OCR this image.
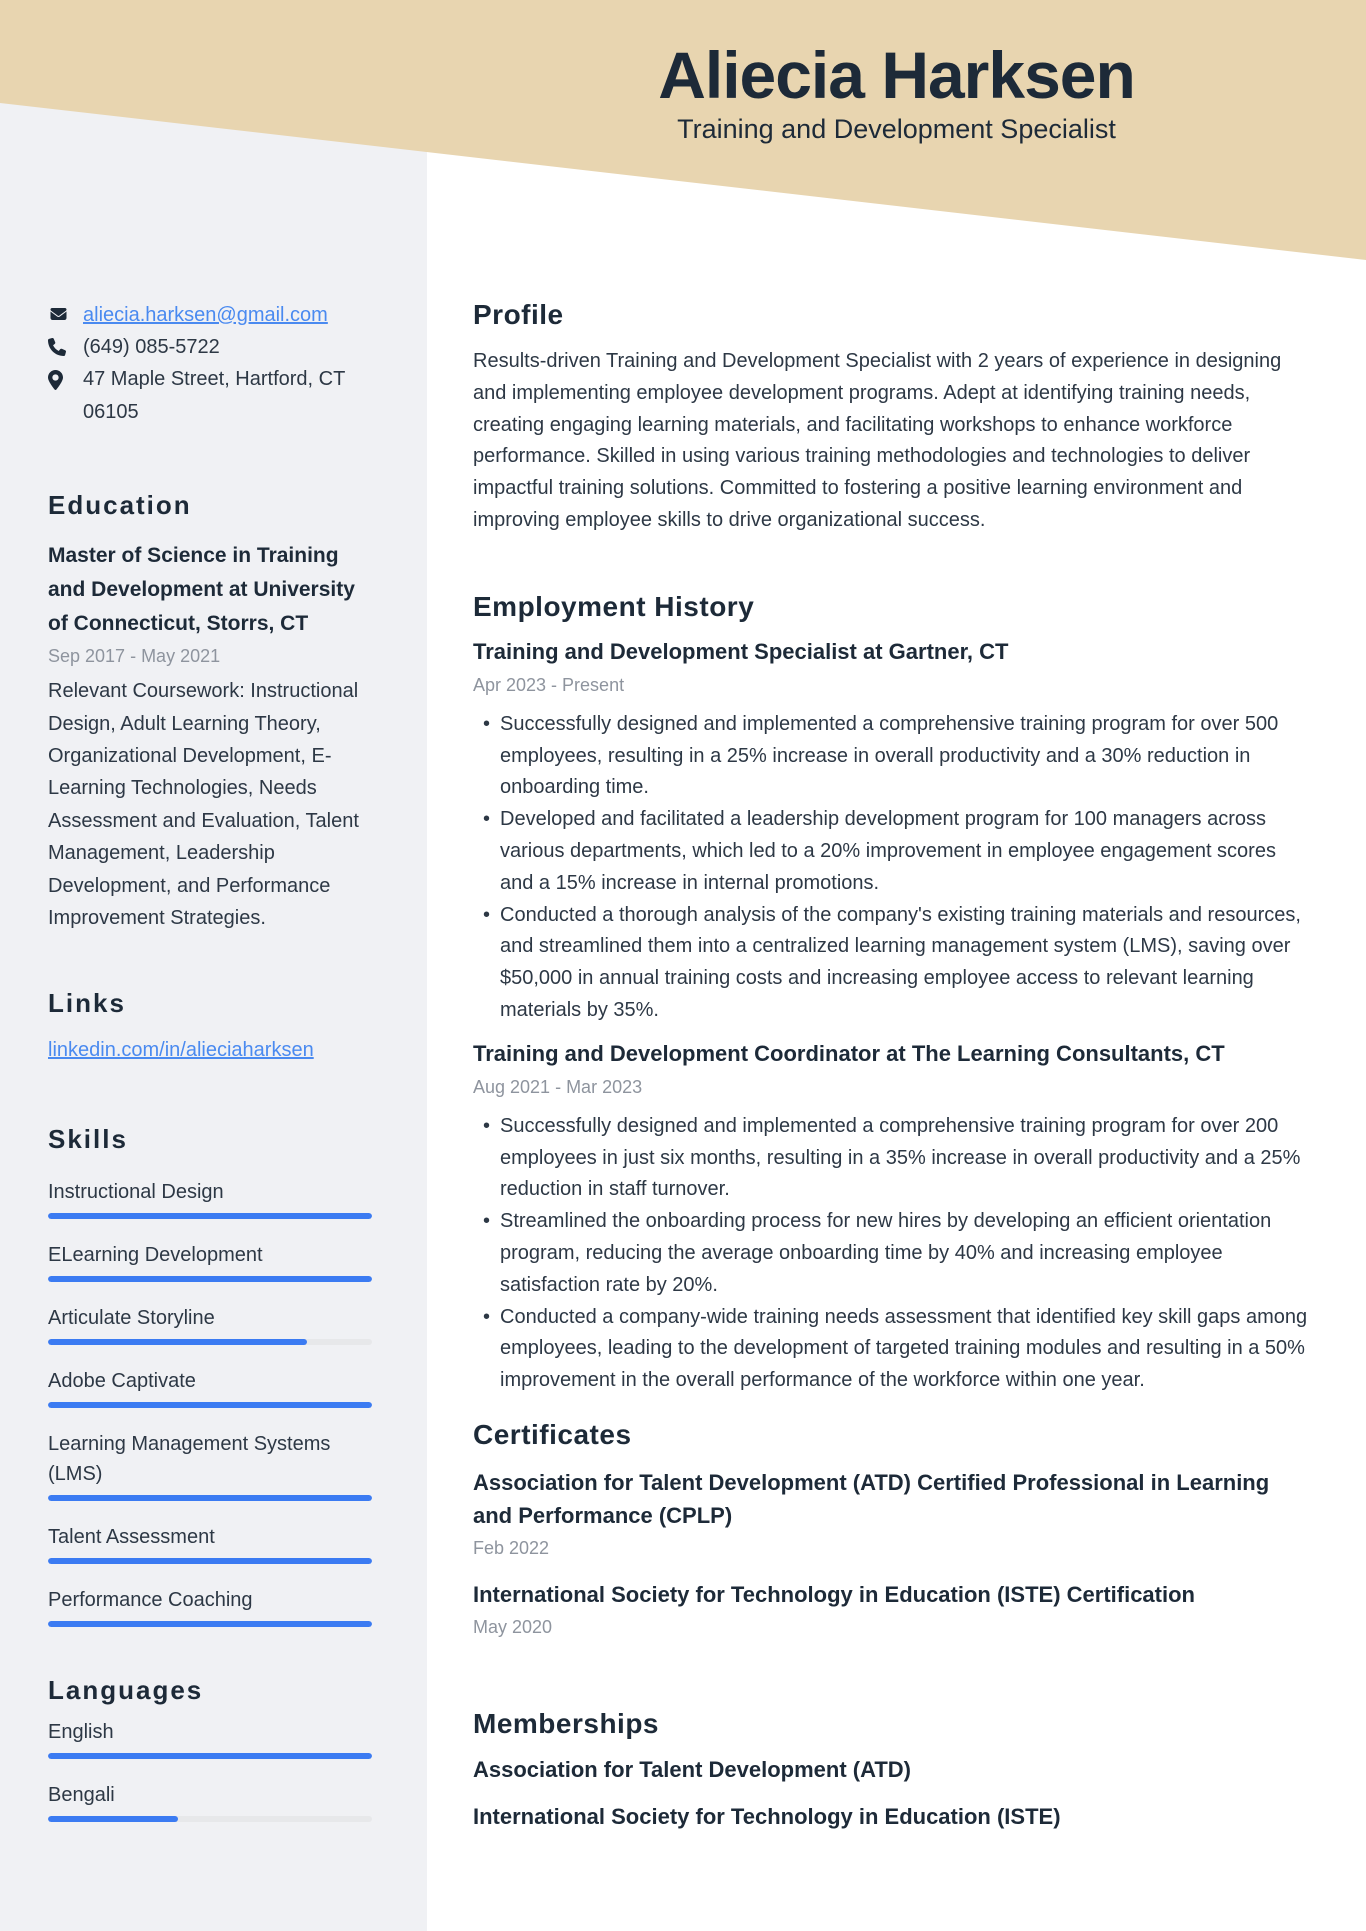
aliecia.harksen@gmail.com
(649) 085-5722
47 Maple Street, Hartford, CT 06105
Education
Master of Science in Training and Development at University of Connecticut, Storrs, CT
Sep 2017 - May 2021
Relevant Coursework: Instructional Design, Adult Learning Theory, Organizational Development, E-Learning Technologies, Needs Assessment and Evaluation, Talent Management, Leadership Development, and Performance Improvement Strategies.
Links
linkedin.com/in/alieciaharksen
Skills
Instructional Design
ELearning Development
Articulate Storyline
Adobe Captivate
Learning Management Systems (LMS)
Talent Assessment
Performance Coaching
Languages
English
Bengali
Aliecia Harksen
Training and Development Specialist
Profile

Results-driven Training and Development Specialist with 2 years of experience in designing and implementing employee development programs. Adept at identifying training needs, creating engaging learning materials, and facilitating workshops to enhance workforce performance. Skilled in using various training methodologies and technologies to deliver impactful training solutions. Committed to fostering a positive learning environment and improving employee skills to drive organizational success.

Employment History
Training and Development Specialist at Gartner, CT
Apr 2023 - Present
• Successfully designed and implemented a comprehensive training program for over 500 employees, resulting in a 25% increase in overall productivity and a 30% reduction in onboarding time.
• Developed and facilitated a leadership development program for 100 managers across various departments, which led to a 20% improvement in employee engagement scores and a 15% increase in internal promotions.
• Conducted a thorough analysis of the company's existing training materials and resources, and streamlined them into a centralized learning management system (LMS), saving over $50,000 in annual training costs and increasing employee access to relevant learning materials by 35%.
Training and Development Coordinator at The Learning Consultants, CT
Aug 2021 - Mar 2023
• Successfully designed and implemented a comprehensive training program for over 200 employees in just six months, resulting in a 35% increase in overall productivity and a 25% reduction in staff turnover.
• Streamlined the onboarding process for new hires by developing an efficient orientation program, reducing the average onboarding time by 40% and increasing employee satisfaction rate by 20%.
• Conducted a company-wide training needs assessment that identified key skill gaps among employees, leading to the development of targeted training modules and resulting in a 50% improvement in the overall performance of the workforce within one year.
Certificates
Association for Talent Development (ATD) Certified Professional in Learning and Performance (CPLP)
Feb 2022
International Society for Technology in Education (ISTE) Certification
May 2020
Memberships
Association for Talent Development (ATD)
International Society for Technology in Education (ISTE)
